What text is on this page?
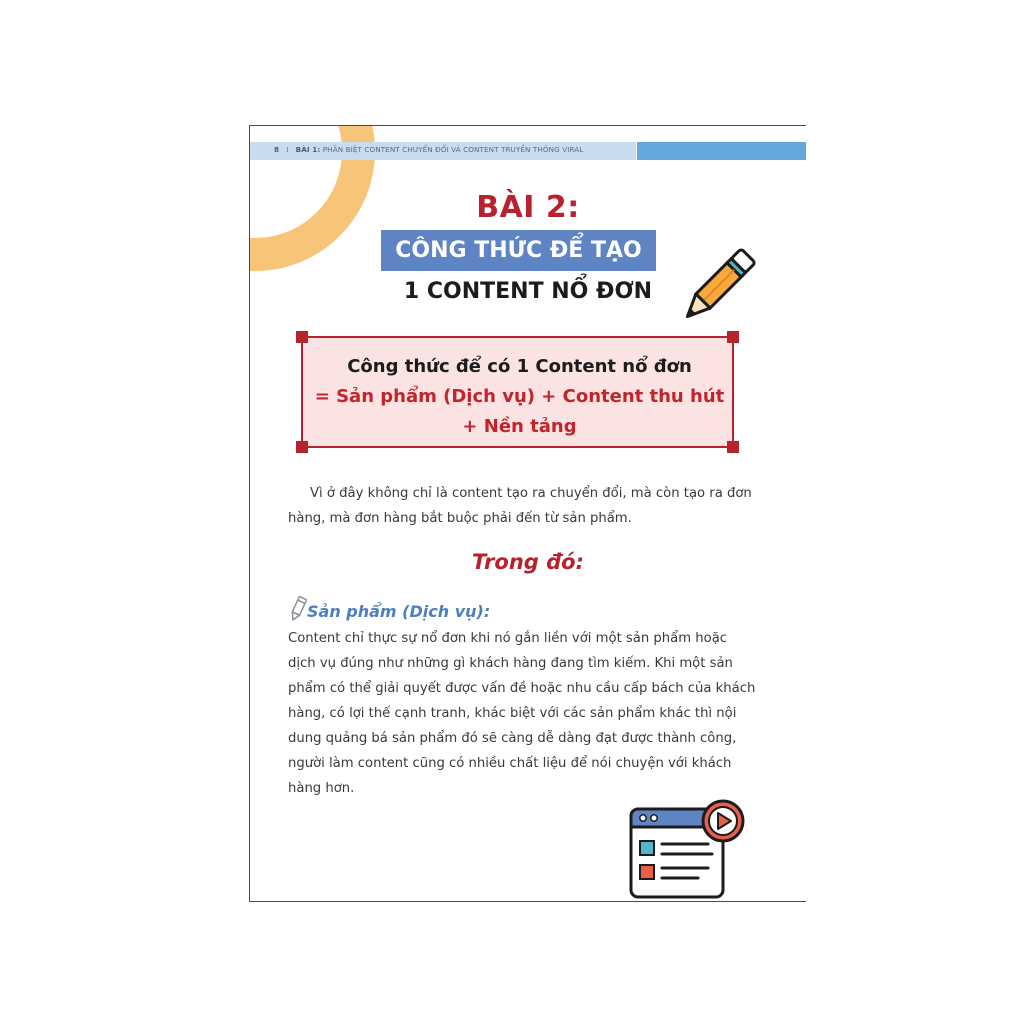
8 I BÀI 1: PHÂN BIỆT CONTENT CHUYỂN ĐỔI VÀ CONTENT TRUYỀN THÔNG VIRAL
BÀI 2:
CÔNG THỨC ĐỂ TẠO
1 CONTENT NỔ ĐƠN
Công thức để có 1 Content nổ đơn
= Sản phẩm (Dịch vụ) + Content thu hút
+ Nền tảng
Vì ở đây không chỉ là content tạo ra chuyển đổi, mà còn tạo ra đơn hàng, mà đơn hàng bắt buộc phải đến từ sản phẩm.
Trong đó:
Sản phẩm (Dịch vụ):
Content chỉ thực sự nổ đơn khi nó gắn liền với một sản phẩm hoặc dịch vụ đúng như những gì khách hàng đang tìm kiếm. Khi một sản phẩm có thể giải quyết được vấn đề hoặc nhu cầu cấp bách của khách hàng, có lợi thế cạnh tranh, khác biệt với các sản phẩm khác thì nội dung quảng bá sản phẩm đó sẽ càng dễ dàng đạt được thành công, người làm content cũng có nhiều chất liệu để nói chuyện với khách hàng hơn.
